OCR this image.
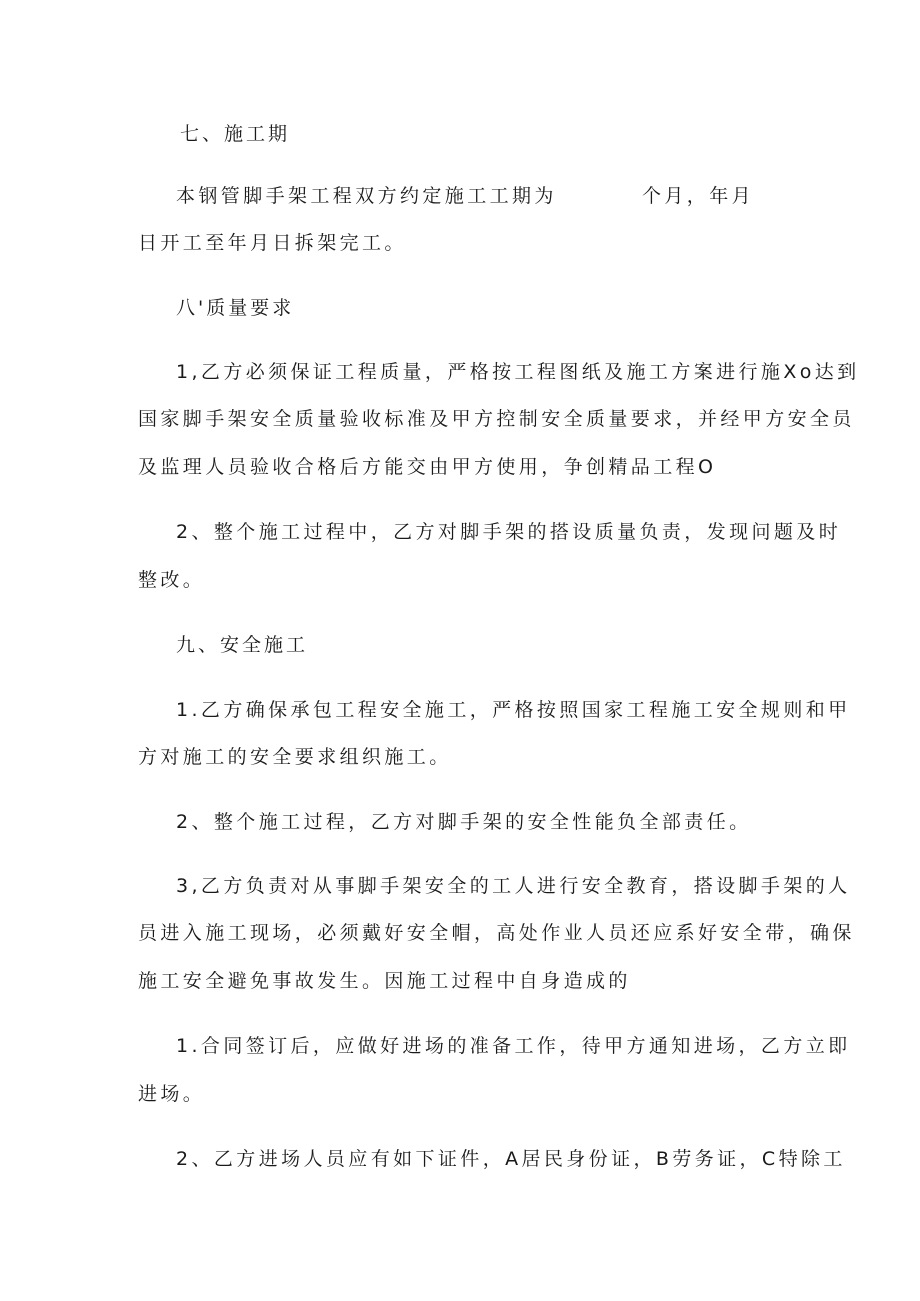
七、施工期
本钢管脚手架工程双方约定施工工期为	个月，年月
日开工至年月日拆架完工。
八'质量要求
1,乙方必须保证工程质量，严格按工程图纸及施工方案进行施Xo达到
国家脚手架安全质量验收标准及甲方控制安全质量要求，并经甲方安全员
及监理人员验收合格后方能交由甲方使用，争创精品工程O
2、整个施工过程中，乙方对脚手架的搭设质量负责，发现问题及时
整改。
九、安全施工
1.乙方确保承包工程安全施工，严格按照国家工程施工安全规则和甲
方对施工的安全要求组织施工。
2、整个施工过程，乙方对脚手架的安全性能负全部责任。
3,乙方负责对从事脚手架安全的工人进行安全教育，搭设脚手架的人
员进入施工现场，必须戴好安全帽，高处作业人员还应系好安全带，确保
施工安全避免事故发生。因施工过程中自身造成的
1.合同签订后，应做好进场的准备工作，待甲方通知进场，乙方立即
进场。
2、乙方进场人员应有如下证件，A居民身份证，B劳务证，C特除工
